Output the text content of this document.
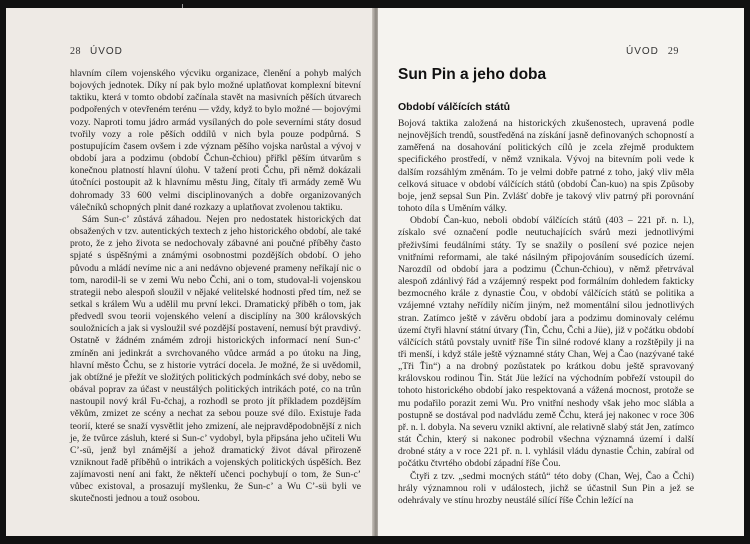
28 ÚVOD

hlavním cílem vojenského výcviku organizace, členění a pohyb malých bojových jednotek. Díky ní pak bylo možné uplatňovat komplexní bitevní taktiku, která v tomto období začínala stavět na masivních pěších útvarech podpořených v otevřeném terénu — vždy, když to bylo možné — bojovými vozy. Naproti tomu jádro armád vysílaných do pole severními státy dosud tvořily vozy a role pěších oddílů v nich byla pouze podpůrná. S postupujícím časem ovšem i zde význam pěšího vojska narůstal a vývoj v období jara a podzimu (období Čchun-čchiou) přiřkl pěším útvarům s konečnou platností hlavní úlohu. V tažení proti Čchu, při němž dokázali útočníci postoupit až k hlavnímu městu Jing, čítaly tři armády země Wu dohromady 33 600 velmi disciplinovaných a dobře organizovaných válečníků schopných plnit dané rozkazy a uplatňovat zvolenou taktiku.

Sám Sun-c’ zůstává záhadou. Nejen pro nedostatek historických dat obsažených v tzv. autentických textech z jeho historického období, ale také proto, že z jeho života se nedochovaly zábavné ani poučné příběhy často spjaté s úspěšnými a známými osobnostmi pozdějších období. O jeho původu a mládí nevíme nic a ani nedávno objevené prameny neříkají nic o tom, narodil-li se v zemi Wu nebo Čchi, ani o tom, studoval-li vojenskou strategii nebo alespoň sloužil v nějaké velitelské hodnosti před tím, než se setkal s králem Wu a udělil mu první lekci. Dramatický příběh o tom, jak předvedl svou teorii vojenského velení a disciplíny na 300 královských souložnicích a jak si vysloužil své pozdější postavení, nemusí být pravdivý. Ostatně v žádném známém zdroji historických informací není Sun-c’ zmíněn ani jedinkrát a svrchovaného vůdce armád a po útoku na Jing, hlavní město Čchu, se z historie vytrácí docela. Je možné, že si uvědomil, jak obtížné je přežít ve složitých politických podmínkách své doby, nebo se obával poprav za účast v neustálých politických intrikách poté, co na trůn nastoupil nový král Fu-čchaj, a rozhodl se proto jít příkladem pozdějším věkům, zmizet ze scény a nechat za sebou pouze své dílo. Existuje řada teorií, které se snaží vysvětlit jeho zmizení, ale nejpravděpodobnější z nich je, že tvůrce zásluh, které si Sun-c’ vydobyl, byla připsána jeho učiteli Wu C’-sü, jenž byl známější a jehož dramatický život dával přirozeně vzniknout řadě příběhů o intrikách a vojenských politických úspěších. Bez zajímavosti není ani fakt, že někteří učenci pochybují o tom, že Sun-c’ vůbec existoval, a prosazují myšlenku, že Sun-c’ a Wu C’-sü byli ve skutečnosti jednou a touž osobou.

ÚVOD 29
Sun Pin a jeho doba
Období válčících států

Bojová taktika založená na historických zkušenostech, upravená podle nejnovějších trendů, soustředěná na získání jasně definovaných schopností a zaměřená na dosahování politických cílů je zcela zřejmě produktem specifického prostředí, v němž vznikala. Vývoj na bitevním poli vede k dalším rozsáhlým změnám. To je velmi dobře patrné z toho, jaký vliv měla celková situace v období válčících států (období Čan-kuo) na spis Způsoby boje, jenž sepsal Sun Pin. Zvlášť dobře je takový vliv patrný při porovnání tohoto díla s Uměním války.

Období Čan-kuo, neboli období válčících států (403 – 221 př. n. l.), získalo své označení podle neutuchajících svárů mezi jednotlivými přeživšími feudálními státy. Ty se snažily o posílení své pozice nejen vnitřními reformami, ale také násilným připojováním sousedících území. Narozdíl od období jara a podzimu (Čchun-čchiou), v němž přetrvával alespoň zdánlivý řád a vzájemný respekt pod formálním dohledem fakticky bezmocného krále z dynastie Čou, v období válčících států se politika a vzájemné vztahy neřídily ničím jiným, než momentální silou jednotlivých stran. Zatímco ještě v závěru období jara a podzimu dominovaly celému území čtyři hlavní státní útvary (Ťin, Čchu, Čchi a Jüe), již v počátku období válčících států povstaly uvnitř říše Ťin silné rodové klany a rozštěpily ji na tři menší, i když stále ještě významné státy Chan, Wej a Čao (nazývané také „Tři Ťin“) a na drobný pozůstatek po krátkou dobu ještě spravovaný královskou rodinou Ťin. Stát Jüe ležící na východním pobřeží vstoupil do tohoto historického období jako respektovaná a vážená mocnost, protože se mu podařilo porazit zemi Wu. Pro vnitřní neshody však jeho moc slábla a postupně se dostával pod nadvládu země Čchu, která jej nakonec v roce 306 př. n. l. dobyla. Na severu vznikl aktivní, ale relativně slabý stát Jen, zatímco stát Čchin, který si nakonec podrobil všechna významná území i další drobné státy a v roce 221 př. n. l. vyhlásil vládu dynastie Čchin, zabíral od počátku čtvrtého období západní říše Čou.

Čtyři z tzv. „sedmi mocných států“ této doby (Chan, Wej, Čao a Čchi) hrály významnou roli v událostech, jichž se účastnil Sun Pin a jež se odehrávaly ve stínu hrozby neustálé sílící říše Čchin ležící na
